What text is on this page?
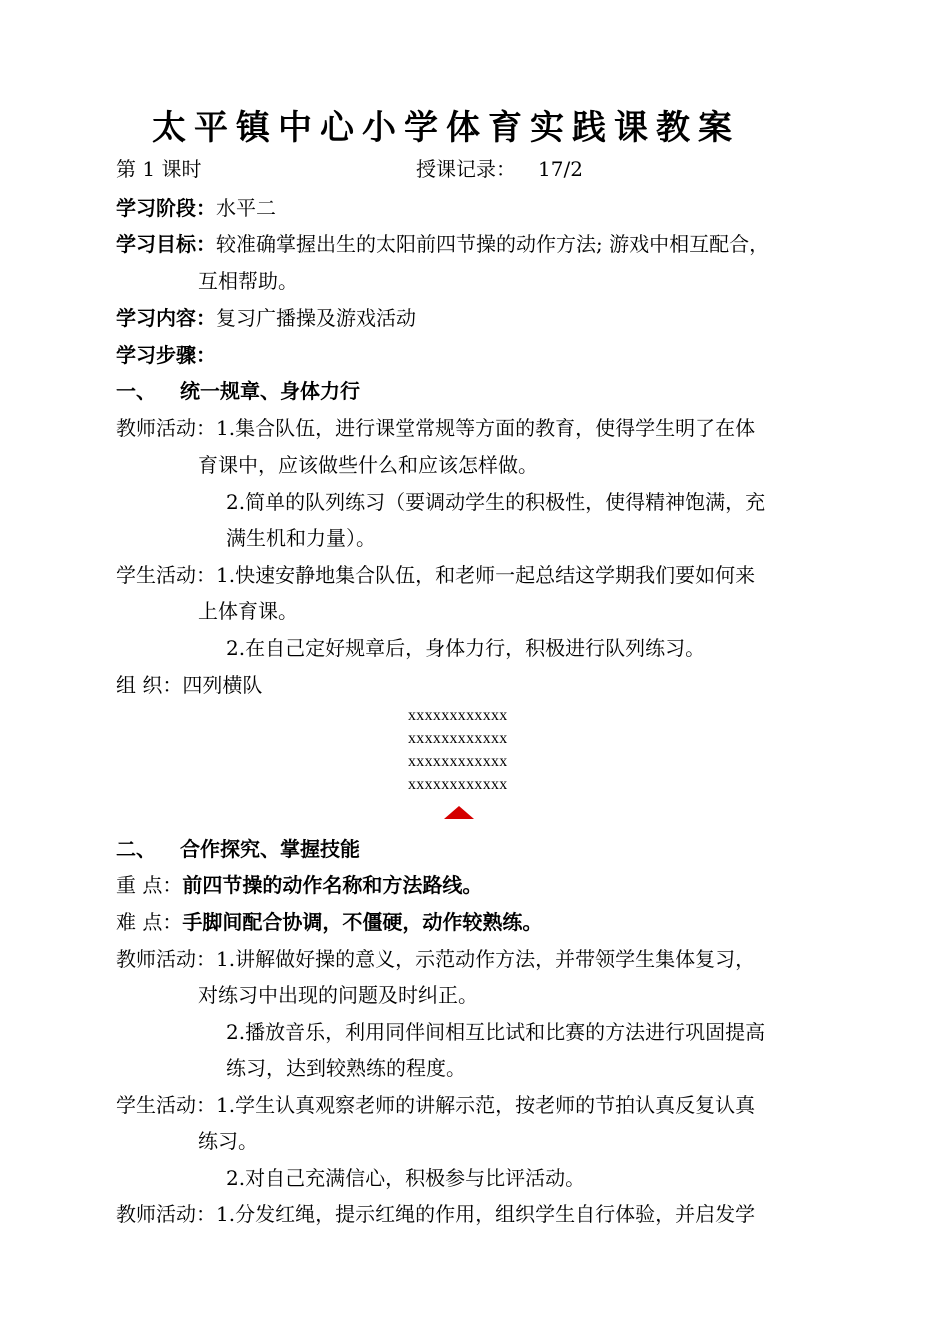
太平镇中心小学体育实践课教案
第 1 课时	授课记录： 17/2
学习阶段：水平二
学习目标：较准确掌握出生的太阳前四节操的动作方法; 游戏中相互配合，
互相帮助。
学习内容：复习广播操及游戏活动
学习步骤：
一、 统一规章、身体力行
教师活动：1.集合队伍，进行课堂常规等方面的教育，使得学生明了在体
育课中，应该做些什么和应该怎样做。
2.简单的队列练习（要调动学生的积极性，使得精神饱满，充
满生机和力量）。
学生活动：1.快速安静地集合队伍，和老师一起总结这学期我们要如何来
上体育课。
2.在自己定好规章后，身体力行，积极进行队列练习。
组 织：四列横队
xxxxxxxxxxxx
xxxxxxxxxxxx
xxxxxxxxxxxx
xxxxxxxxxxxx
二、 合作探究、掌握技能
重 点：前四节操的动作名称和方法路线。
难 点：手脚间配合协调，不僵硬，动作较熟练。
教师活动：1.讲解做好操的意义，示范动作方法，并带领学生集体复习，
对练习中出现的问题及时纠正。
2.播放音乐，利用同伴间相互比试和比赛的方法进行巩固提高
练习，达到较熟练的程度。
学生活动：1.学生认真观察老师的讲解示范，按老师的节拍认真反复认真
练习。
2.对自己充满信心，积极参与比评活动。
教师活动：1.分发红绳，提示红绳的作用，组织学生自行体验，并启发学
